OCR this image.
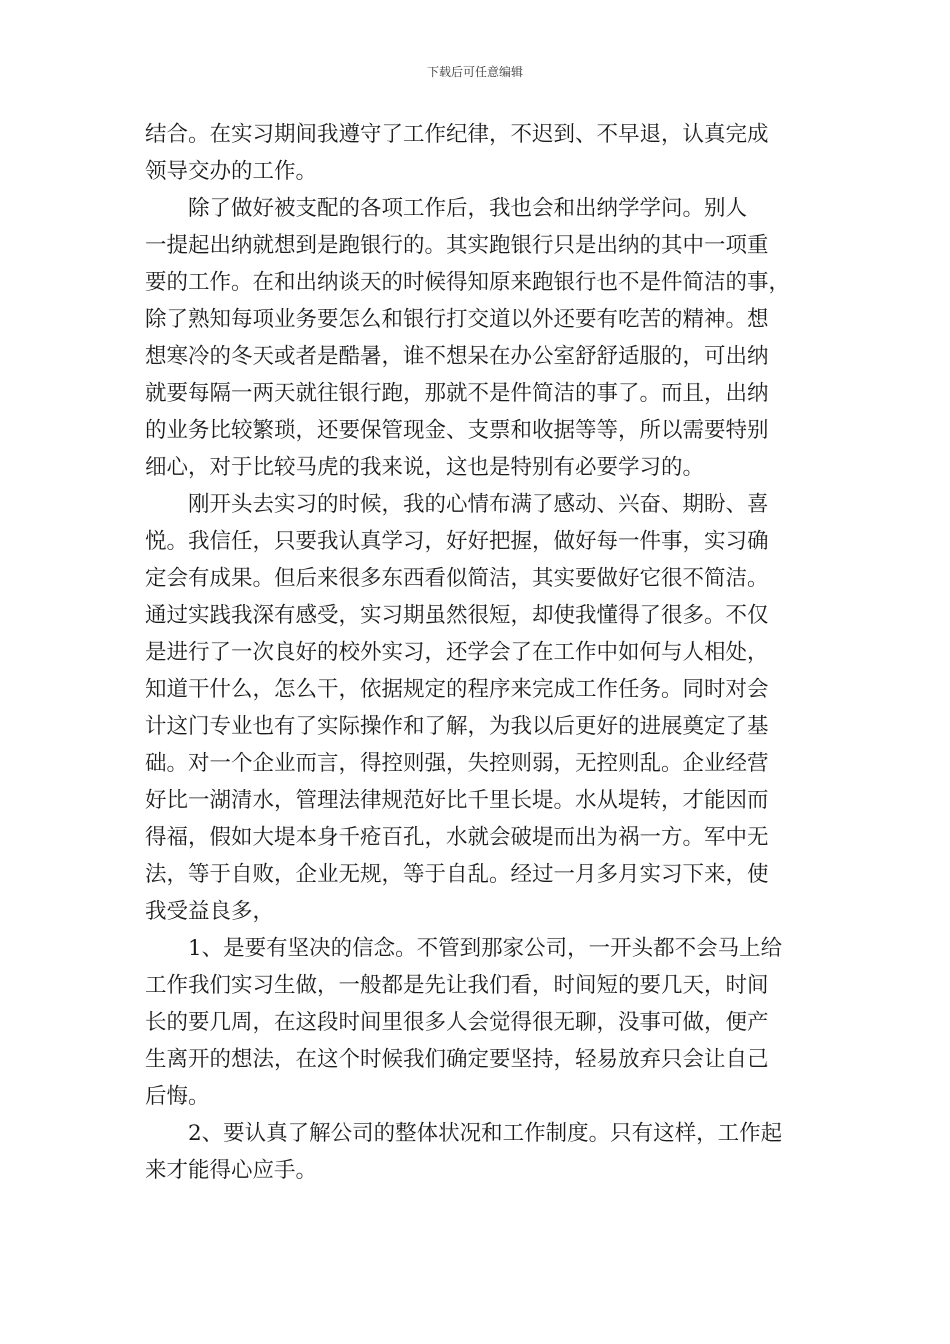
下载后可任意编辑
结合。在实习期间我遵守了工作纪律，不迟到、不早退，认真完成
领导交办的工作。
除了做好被支配的各项工作后，我也会和出纳学学问。别人
一提起出纳就想到是跑银行的。其实跑银行只是出纳的其中一项重
要的工作。在和出纳谈天的时候得知原来跑银行也不是件简洁的事，
除了熟知每项业务要怎么和银行打交道以外还要有吃苦的精神。想
想寒冷的冬天或者是酷暑，谁不想呆在办公室舒舒适服的，可出纳
就要每隔一两天就往银行跑，那就不是件简洁的事了。而且，出纳
的业务比较繁琐，还要保管现金、支票和收据等等，所以需要特别
细心，对于比较马虎的我来说，这也是特别有必要学习的。
刚开头去实习的时候，我的心情布满了感动、兴奋、期盼、喜
悦。我信任，只要我认真学习，好好把握，做好每一件事，实习确
定会有成果。但后来很多东西看似简洁，其实要做好它很不简洁。
通过实践我深有感受，实习期虽然很短，却使我懂得了很多。不仅
是进行了一次良好的校外实习，还学会了在工作中如何与人相处，
知道干什么，怎么干，依据规定的程序来完成工作任务。同时对会
计这门专业也有了实际操作和了解，为我以后更好的进展奠定了基
础。对一个企业而言，得控则强，失控则弱，无控则乱。企业经营
好比一湖清水，管理法律规范好比千里长堤。水从堤转，才能因而
得福，假如大堤本身千疮百孔，水就会破堤而出为祸一方。军中无
法，等于自败，企业无规，等于自乱。经过一月多月实习下来，使
我受益良多，
1、是要有坚决的信念。不管到那家公司，一开头都不会马上给
工作我们实习生做，一般都是先让我们看，时间短的要几天，时间
长的要几周，在这段时间里很多人会觉得很无聊，没事可做，便产
生离开的想法，在这个时候我们确定要坚持，轻易放弃只会让自己
后悔。
2、要认真了解公司的整体状况和工作制度。只有这样，工作起
来才能得心应手。
